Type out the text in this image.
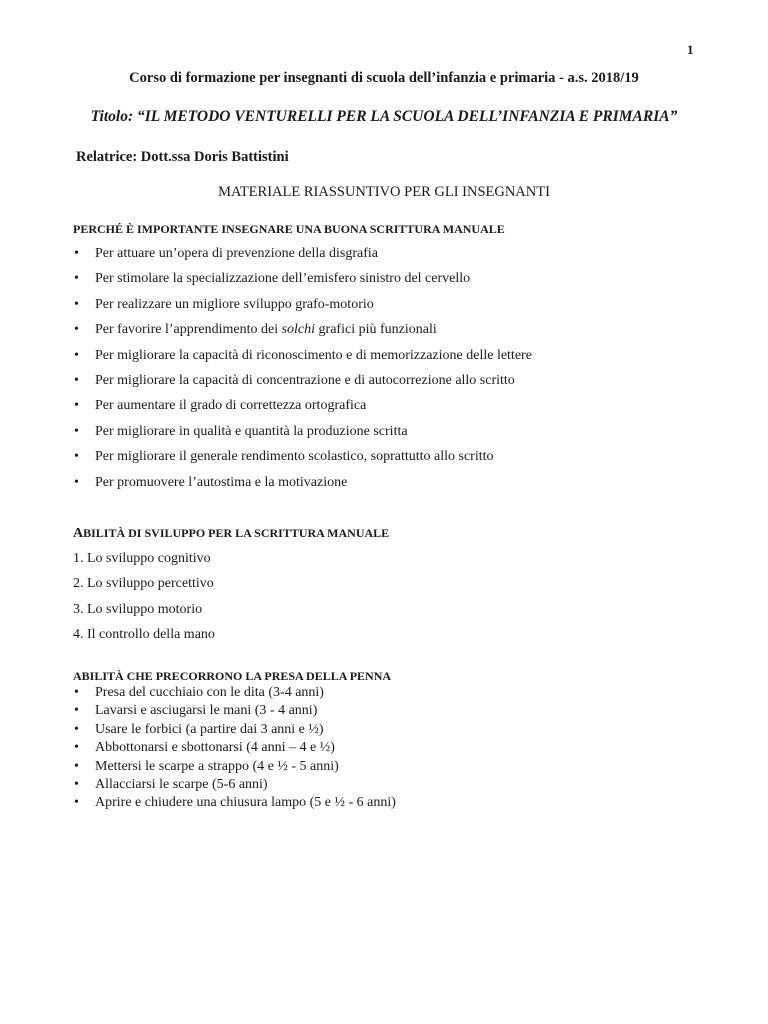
1
Corso di formazione per insegnanti di scuola dell’infanzia e primaria - a.s. 2018/19
Titolo: “IL METODO VENTURELLI PER LA SCUOLA DELL’INFANZIA E PRIMARIA”
Relatrice: Dott.ssa Doris Battistini
MATERIALE RIASSUNTIVO PER GLI INSEGNANTI
PERCHÉ È IMPORTANTE INSEGNARE UNA BUONA SCRITTURA MANUALE
• Per attuare un’opera di prevenzione della disgrafia
• Per stimolare la specializzazione dell’emisfero sinistro del cervello
• Per realizzare un migliore sviluppo grafo-motorio
• Per favorire l’apprendimento dei solchi grafici più funzionali
• Per migliorare la capacità di riconoscimento e di memorizzazione delle lettere
• Per migliorare la capacità di concentrazione e di autocorrezione allo scritto
• Per aumentare il grado di correttezza ortografica
• Per migliorare in qualità e quantità la produzione scritta
• Per migliorare il generale rendimento scolastico, soprattutto allo scritto
• Per promuovere l’autostima e la motivazione
ABILITÀ DI SVILUPPO PER LA SCRITTURA MANUALE
1. Lo sviluppo cognitivo
2. Lo sviluppo percettivo
3. Lo sviluppo motorio
4. Il controllo della mano
ABILITÀ CHE PRECORRONO LA PRESA DELLA PENNA
• Presa del cucchiaio con le dita (3-4 anni)
• Lavarsi e asciugarsi le mani (3 - 4 anni)
• Usare le forbici (a partire dai 3 anni e ½)
• Abbottonarsi e sbottonarsi (4 anni – 4 e ½)
• Mettersi le scarpe a strappo (4 e ½ - 5 anni)
• Allacciarsi le scarpe (5-6 anni)
• Aprire e chiudere una chiusura lampo (5 e ½ - 6 anni)
